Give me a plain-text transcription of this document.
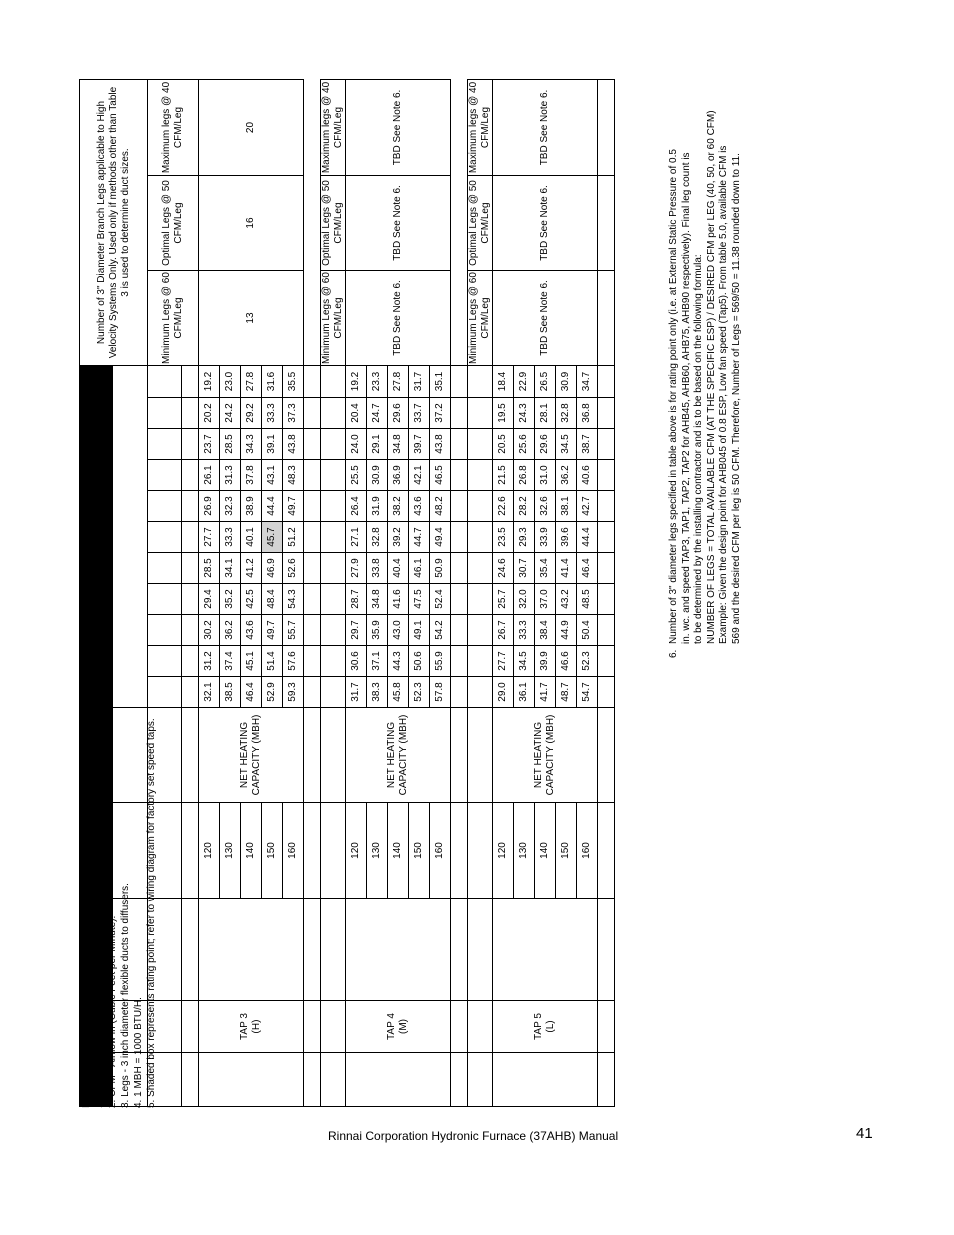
																Number of 3" Diameter Branch Legs applicable to High Velocity Systems Only. Used only if methods other than Table 3 is used to determine duct sizes.		

																Minimum Legs @ 60 CFM/Leg	Optimal Legs @ 50 CFM/Leg	Maximum legs @ 40 CFM/Leg

	TAP 3 (H)		120	NET HEATING CAPACITY (MBH)	32.1	31.2	30.2	29.4	28.5	27.7	26.9	26.1	23.7	20.2	19.2	13	16	20
			130		38.5	37.4	36.2	35.2	34.1	33.3	32.3	31.3	28.5	24.2	23.0			
			140		46.4	45.1	43.6	42.5	41.2	40.1	38.9	37.8	34.3	29.2	27.8			
			150		52.9	51.4	49.7	48.4	46.9	45.7	44.4	43.1	39.1	33.3	31.6			
			160		59.3	57.6	55.7	54.3	52.6	51.2	49.7	48.3	43.8	37.3	35.5			

																Minimum Legs @ 60 CFM/Leg	Optimal Legs @ 50 CFM/Leg	Maximum legs @ 40 CFM/Leg

	TAP 4 (M)		120	NET HEATING CAPACITY (MBH)	31.7	30.6	29.7	28.7	27.9	27.1	26.4	25.5	24.0	20.4	19.2	TBD See Note 6.	TBD See Note 6.	TBD See Note 6.
			130		38.3	37.1	35.9	34.8	33.8	32.8	31.9	30.9	29.1	24.7	23.3			
			140		45.8	44.3	43.0	41.6	40.4	39.2	38.2	36.9	34.8	29.6	27.8			
			150		52.3	50.6	49.1	47.5	46.1	44.7	43.6	42.1	39.7	33.7	31.7			
			160		57.8	55.9	54.2	52.4	50.9	49.4	48.2	46.5	43.8	37.2	35.1			

																Minimum Legs @ 60 CFM/Leg	Optimal Legs @ 50 CFM/Leg	Maximum legs @ 40 CFM/Leg

	TAP 5 (L)		120	NET HEATING CAPACITY (MBH)	29.0	27.7	26.7	25.7	24.6	23.5	22.6	21.5	20.5	19.5	18.4	TBD See Note 6.	TBD See Note 6.	TBD See Note 6.
			130		36.1	34.5	33.3	32.0	30.7	29.3	28.2	26.8	25.6	24.3	22.9			
			140		41.7	39.9	38.4	37.0	35.4	33.9	32.6	31.0	29.6	28.1	26.5			
			150		48.7	46.6	44.9	43.2	41.4	39.6	38.1	36.2	34.5	32.8	30.9			
			160		54.7	52.3	50.4	48.5	46.4	44.4	42.7	40.6	38.7	36.8	34.7			

NOTES: 1. EWT - Entering Water Temperature (F). 2. CFM - Airflow in (Cubic Feet per Minute). 3. Legs - 3 inch diameter flexible ducts to diffusers. 4. 1 MBH = 1000 BTU/H. 5. Shaded box represents rating point; refer to wiring diagram for factory set speed taps.
6.
Number of 3" diameter legs specified in table above is for rating point only (i.e. at External Static Pressure of 0.5 in. wc. and speed TAP3, TAP1, TAP2, TAP2 for AHB45, AHB60, AHB75, AHB90 respectively). Final leg count is to be determined by the installing contractor and is to be based on the following formula: NUMBER OF LEGS = TOTAL AVAILABLE CFM (AT THE SPECIFIC ESP) / DESIRED CFM per LEG (40, 50, or 60 CFM) Example: Given the design point for AHB045 of 0.8 ESP, Low fan speed (Tap5). From table 5.0, available CFM is 569 and the desired CFM per leg is 50 CFM. Therefore, Number of Legs = 569/50 = 11.38 rounded down to 11.
Rinnai Corporation Hydronic Furnace (37AHB) Manual	41
